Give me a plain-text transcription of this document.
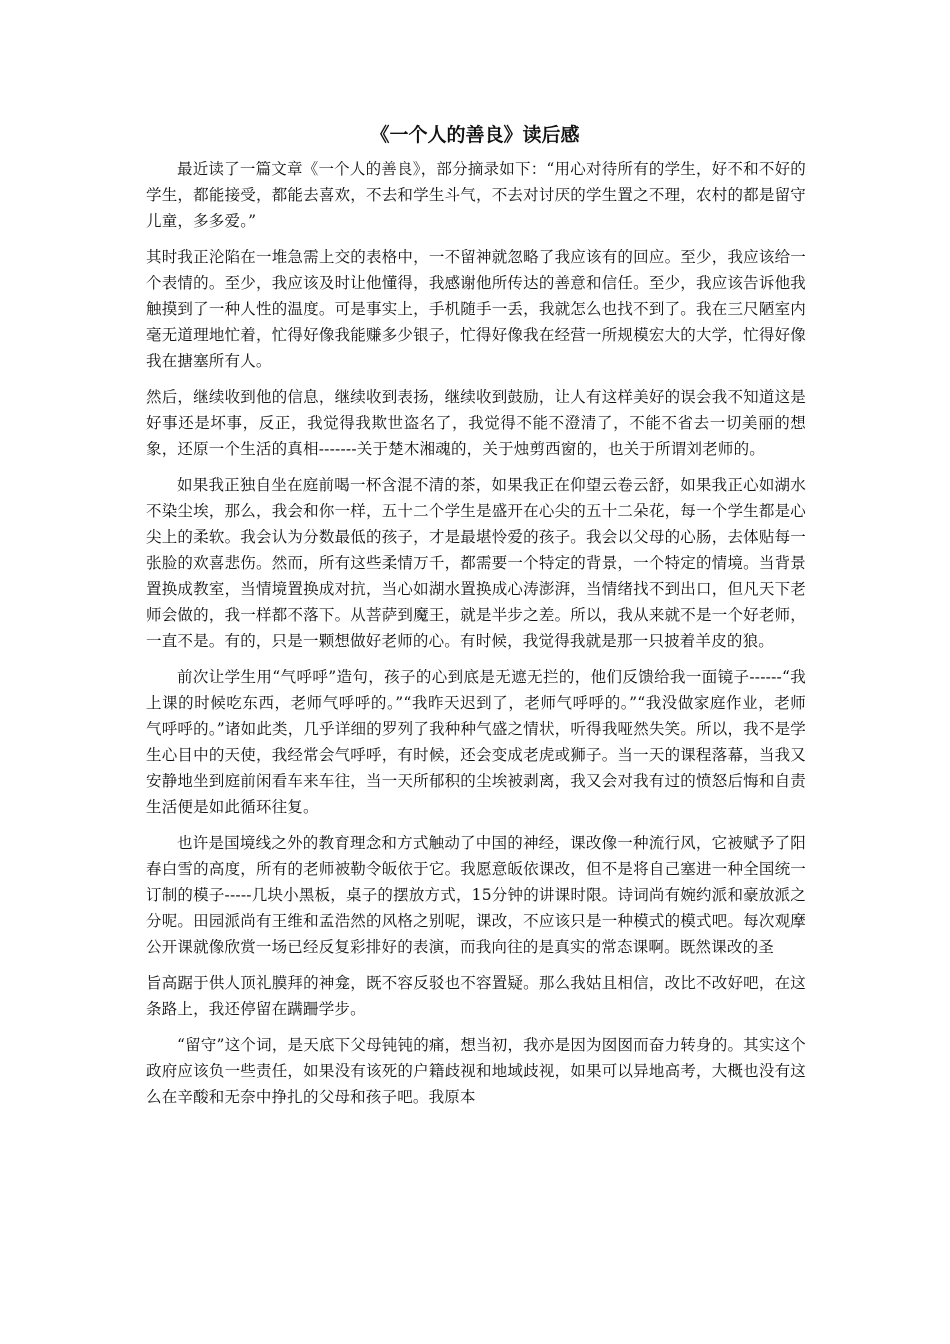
《一个人的善良》读后感

最近读了一篇文章《一个人的善良》，部分摘录如下：“用心对待所有的学生，好不和不好的学生，都能接受，都能去喜欢，不去和学生斗气，不去对讨厌的学生置之不理，农村的都是留守儿童，多多爱。”

其时我正沦陷在一堆急需上交的表格中，一不留神就忽略了我应该有的回应。至少，我应该给一个表情的。至少，我应该及时让他懂得，我感谢他所传达的善意和信任。至少，我应该告诉他我触摸到了一种人性的温度。可是事实上，手机随手一丢，我就怎么也找不到了。我在三尺陋室内毫无道理地忙着，忙得好像我能赚多少银子，忙得好像我在经营一所规模宏大的大学，忙得好像我在搪塞所有人。

然后，继续收到他的信息，继续收到表扬，继续收到鼓励，让人有这样美好的误会我不知道这是好事还是坏事，反正，我觉得我欺世盗名了，我觉得不能不澄清了，不能不省去一切美丽的想象，还原一个生活的真相-------关于楚木湘魂的，关于烛剪西窗的，也关于所谓刘老师的。

如果我正独自坐在庭前喝一杯含混不清的茶，如果我正在仰望云卷云舒，如果我正心如湖水不染尘埃，那么，我会和你一样，五十二个学生是盛开在心尖的五十二朵花，每一个学生都是心尖上的柔软。我会认为分数最低的孩子，才是最堪怜爱的孩子。我会以父母的心肠，去体贴每一张脸的欢喜悲伤。然而，所有这些柔情万千，都需要一个特定的背景，一个特定的情境。当背景置换成教室，当情境置换成对抗，当心如湖水置换成心涛澎湃，当情绪找不到出口，但凡天下老师会做的，我一样都不落下。从菩萨到魔王，就是半步之差。所以，我从来就不是一个好老师，一直不是。有的，只是一颗想做好老师的心。有时候，我觉得我就是那一只披着羊皮的狼。

前次让学生用“气呼呼”造句，孩子的心到底是无遮无拦的，他们反馈给我一面镜子------“我上课的时候吃东西，老师气呼呼的。”“我昨天迟到了，老师气呼呼的。”“我没做家庭作业，老师气呼呼的。”诸如此类，几乎详细的罗列了我种种气盛之情状，听得我哑然失笑。所以，我不是学生心目中的天使，我经常会气呼呼，有时候，还会变成老虎或狮子。当一天的课程落幕，当我又安静地坐到庭前闲看车来车往，当一天所郁积的尘埃被剥离，我又会对我有过的愤怒后悔和自责生活便是如此循环往复。

也许是国境线之外的教育理念和方式触动了中国的神经，课改像一种流行风，它被赋予了阳春白雪的高度，所有的老师被勒令皈依于它。我愿意皈依课改，但不是将自己塞进一种全国统一订制的模子-----几块小黑板，桌子的摆放方式，15分钟的讲课时限。诗词尚有婉约派和豪放派之分呢。田园派尚有王维和孟浩然的风格之别呢，课改，不应该只是一种模式的模式吧。每次观摩公开课就像欣赏一场已经反复彩排好的表演，而我向往的是真实的常态课啊。既然课改的圣

旨高踞于供人顶礼膜拜的神龛，既不容反驳也不容置疑。那么我姑且相信，改比不改好吧，在这条路上，我还停留在蹒跚学步。

“留守”这个词，是天底下父母钝钝的痛，想当初，我亦是因为囡囡而奋力转身的。其实这个政府应该负一些责任，如果没有该死的户籍歧视和地域歧视，如果可以异地高考，大概也没有这么在辛酸和无奈中挣扎的父母和孩子吧。我原本
